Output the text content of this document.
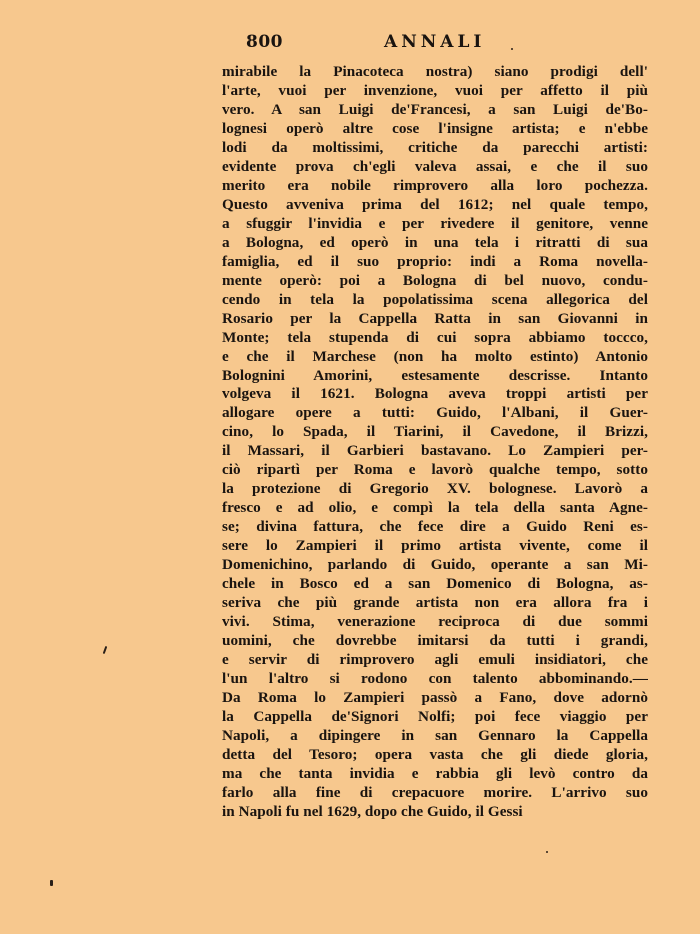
800	ANNALI
mirabile la Pinacoteca nostra) siano prodigi dell'
l'arte, vuoi per invenzione, vuoi per affetto il più
vero. A san Luigi de'Francesi, a san Luigi de'Bo-
lognesi operò altre cose l'insigne artista; e n'ebbe
lodi da moltissimi, critiche da parecchi artisti:
evidente prova ch'egli valeva assai, e che il suo
merito era nobile rimprovero alla loro pochezza.
Questo avveniva prima del 1612; nel quale tempo,
a sfuggir l'invidia e per rivedere il genitore, venne
a Bologna, ed operò in una tela i ritratti di sua
famiglia, ed il suo proprio: indi a Roma novella-
mente operò: poi a Bologna di bel nuovo, condu-
cendo in tela la popolatissima scena allegorica del
Rosario per la Cappella Ratta in san Giovanni in
Monte; tela stupenda di cui sopra abbiamo toccco,
e che il Marchese (non ha molto estinto) Antonio
Bolognini Amorini, estesamente descrisse. Intanto
volgeva il 1621. Bologna aveva troppi artisti per
allogare opere a tutti: Guido, l'Albani, il Guer-
cino, lo Spada, il Tiarini, il Cavedone, il Brizzi,
il Massari, il Garbieri bastavano. Lo Zampieri per-
ciò ripartì per Roma e lavorò qualche tempo, sotto
la protezione di Gregorio XV. bolognese. Lavorò a
fresco e ad olio, e compì la tela della santa Agne-
se; divina fattura, che fece dire a Guido Reni es-
sere lo Zampieri il primo artista vivente, come il
Domenichino, parlando di Guido, operante a san Mi-
chele in Bosco ed a san Domenico di Bologna, as-
seriva che più grande artista non era allora fra i
vivi. Stima, venerazione reciproca di due sommi
uomini, che dovrebbe imitarsi da tutti i grandi,
e servir di rimprovero agli emuli insidiatori, che
l'un l'altro si rodono con talento abbominando.—
Da Roma lo Zampieri passò a Fano, dove adornò
la Cappella de'Signori Nolfi; poi fece viaggio per
Napoli, a dipingere in san Gennaro la Cappella
detta del Tesoro; opera vasta che gli diede gloria,
ma che tanta invidia e rabbia gli levò contro da
farlo alla fine di crepacuore morire. L'arrivo suo
in Napoli fu nel 1629, dopo che Guido, il Gessi
